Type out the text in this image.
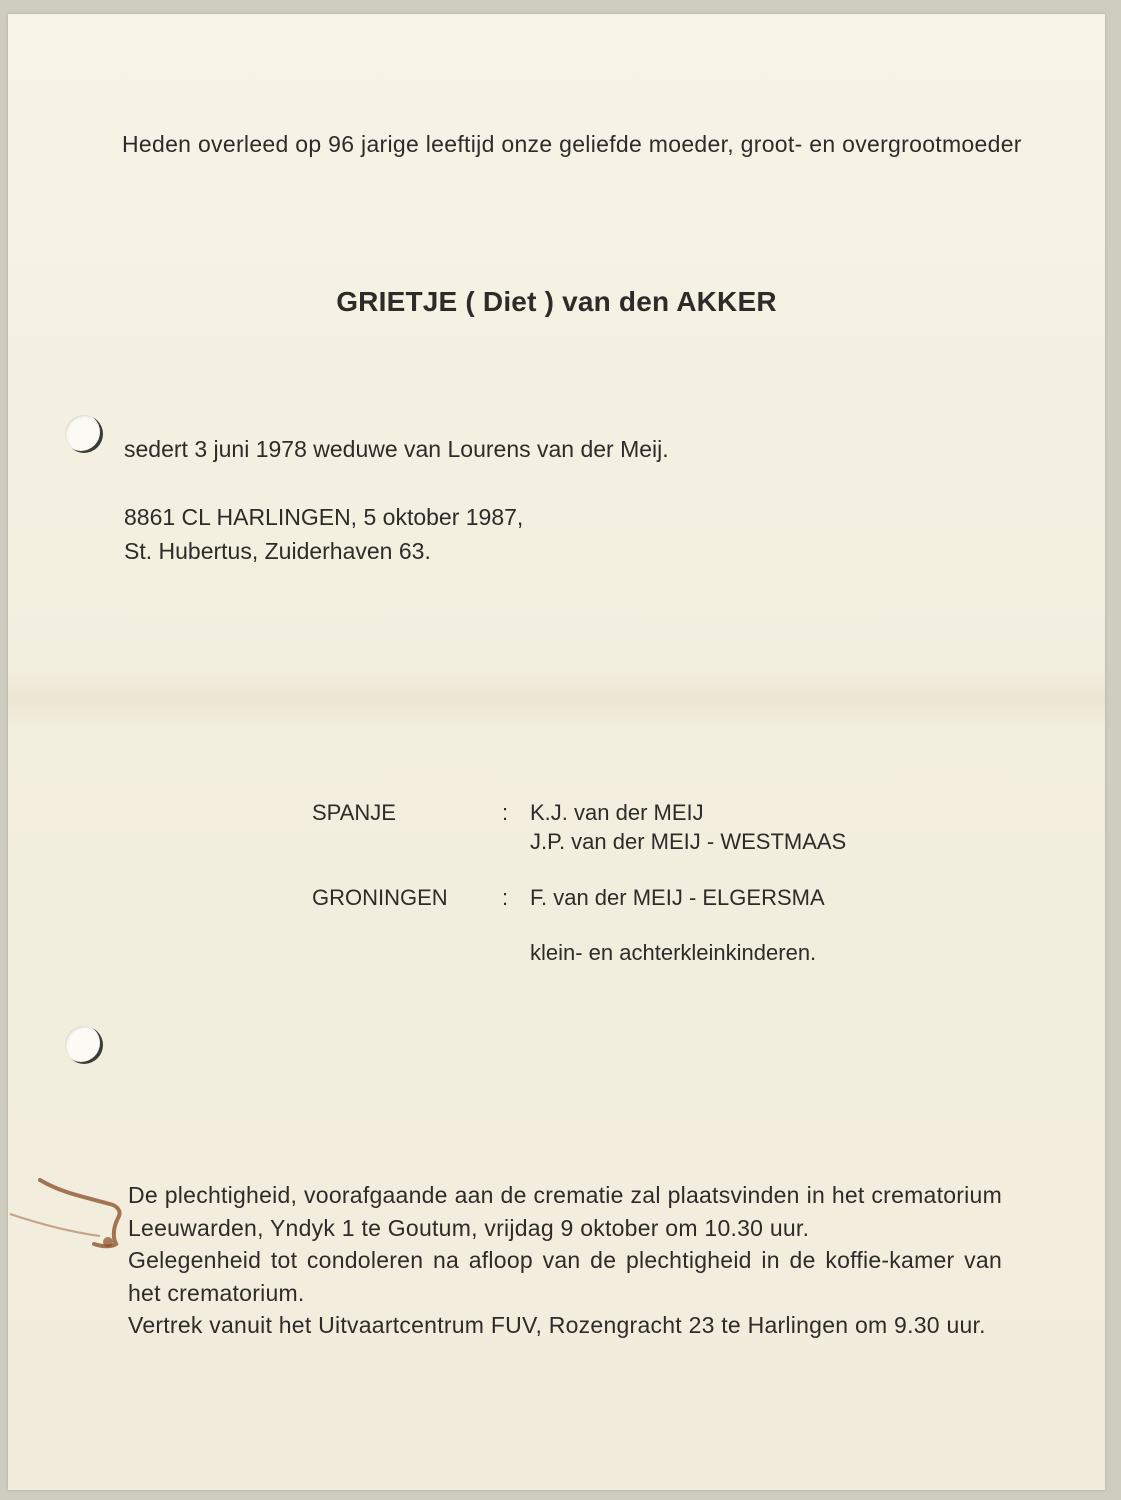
Heden overleed op 96 jarige leeftijd onze geliefde moeder, groot- en overgrootmoeder
GRIETJE ( Diet ) van den AKKER
sedert 3 juni 1978 weduwe van Lourens van der Meij.
8861 CL HARLINGEN, 5 oktober 1987,
St. Hubertus, Zuiderhaven 63.
SPANJE	: K.J. van der MEIJ
J.P. van der MEIJ - WESTMAAS
GRONINGEN	: F. van der MEIJ - ELGERSMA
klein- en achterkleinkinderen.

De plechtigheid, voorafgaande aan de crematie zal plaatsvinden in het crematorium Leeuwarden, Yndyk 1 te Goutum, vrijdag 9 oktober om 10.30 uur.

Gelegenheid tot condoleren na afloop van de plechtigheid in de koffie-kamer van het crematorium.

Vertrek vanuit het Uitvaartcentrum FUV, Rozengracht 23 te Harlingen om 9.30 uur.
